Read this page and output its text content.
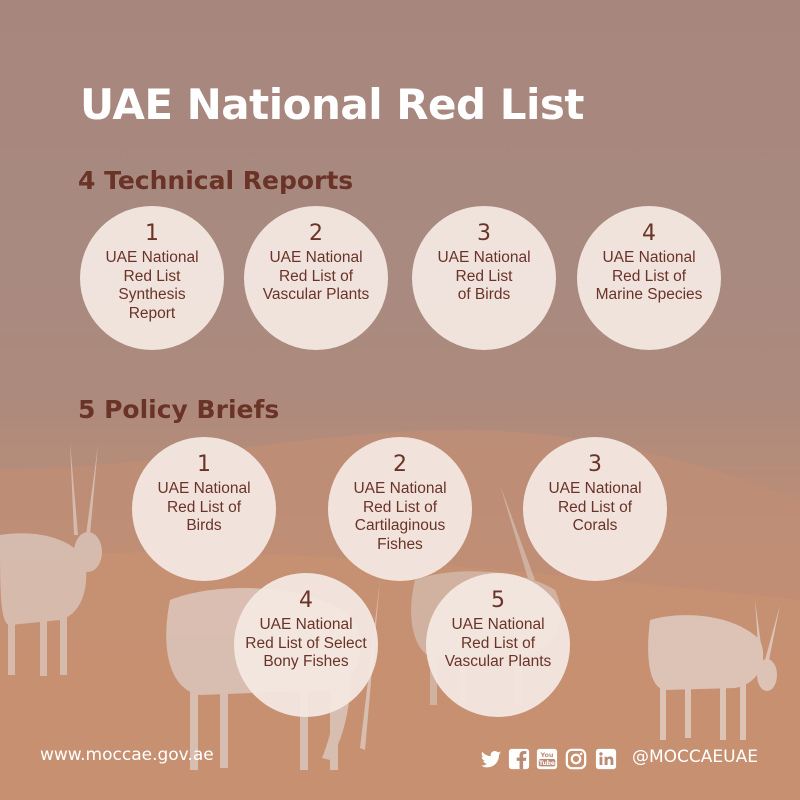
UAE National Red List
4 Technical Reports
1
UAE National
Red List
Synthesis
Report
2
UAE National
Red List of
Vascular Plants
3
UAE National
Red List
of Birds
4
UAE National
Red List of
Marine Species
5 Policy Briefs
1
UAE National
Red List of
Birds
2
UAE National
Red List of
Cartilaginous
Fishes
3
UAE National
Red List of
Corals
4
UAE National
Red List of Select
Bony Fishes
5
UAE National
Red List of
Vascular Plants
www.moccae.gov.ae	You
Tube	@MOCCAEUAE
